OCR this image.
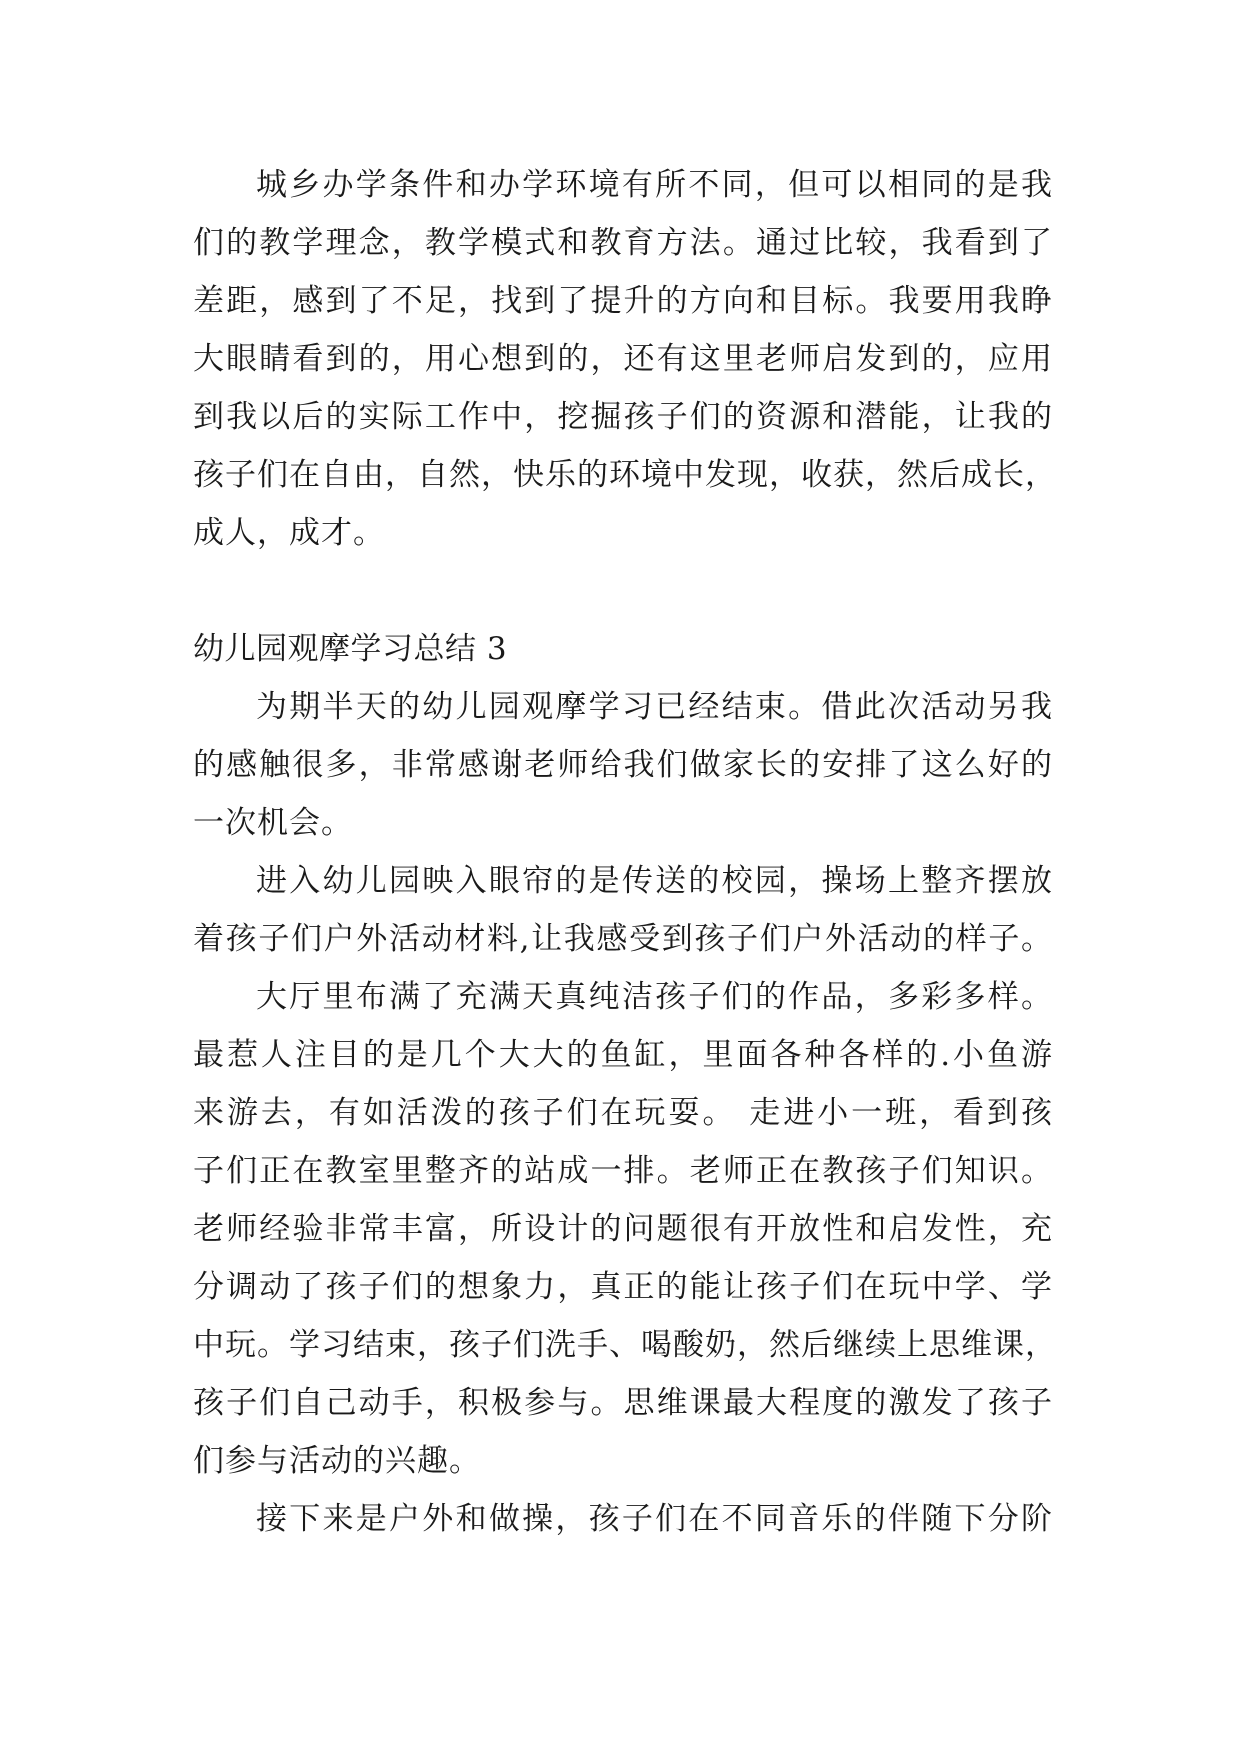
城乡办学条件和办学环境有所不同，但可以相同的是我
们的教学理念，教学模式和教育方法。通过比较，我看到了
差距，感到了不足，找到了提升的方向和目标。我要用我睁
大眼睛看到的，用心想到的，还有这里老师启发到的，应用
到我以后的实际工作中，挖掘孩子们的资源和潜能，让我的
孩子们在自由，自然，快乐的环境中发现，收获，然后成长，
成人，成才。
幼儿园观摩学习总结 3
为期半天的幼儿园观摩学习已经结束。借此次活动另我
的感触很多，非常感谢老师给我们做家长的安排了这么好的
一次机会。
进入幼儿园映入眼帘的是传送的校园，操场上整齐摆放
着孩子们户外活动材料,让我感受到孩子们户外活动的样子。
大厅里布满了充满天真纯洁孩子们的作品，多彩多样。
最惹人注目的是几个大大的鱼缸，里面各种各样的.小鱼游
来游去，有如活泼的孩子们在玩耍。 走进小一班，看到孩
子们正在教室里整齐的站成一排。老师正在教孩子们知识。
老师经验非常丰富，所设计的问题很有开放性和启发性，充
分调动了孩子们的想象力，真正的能让孩子们在玩中学、学
中玩。学习结束，孩子们洗手、喝酸奶，然后继续上思维课，
孩子们自己动手，积极参与。思维课最大程度的激发了孩子
们参与活动的兴趣。
接下来是户外和做操，孩子们在不同音乐的伴随下分阶
